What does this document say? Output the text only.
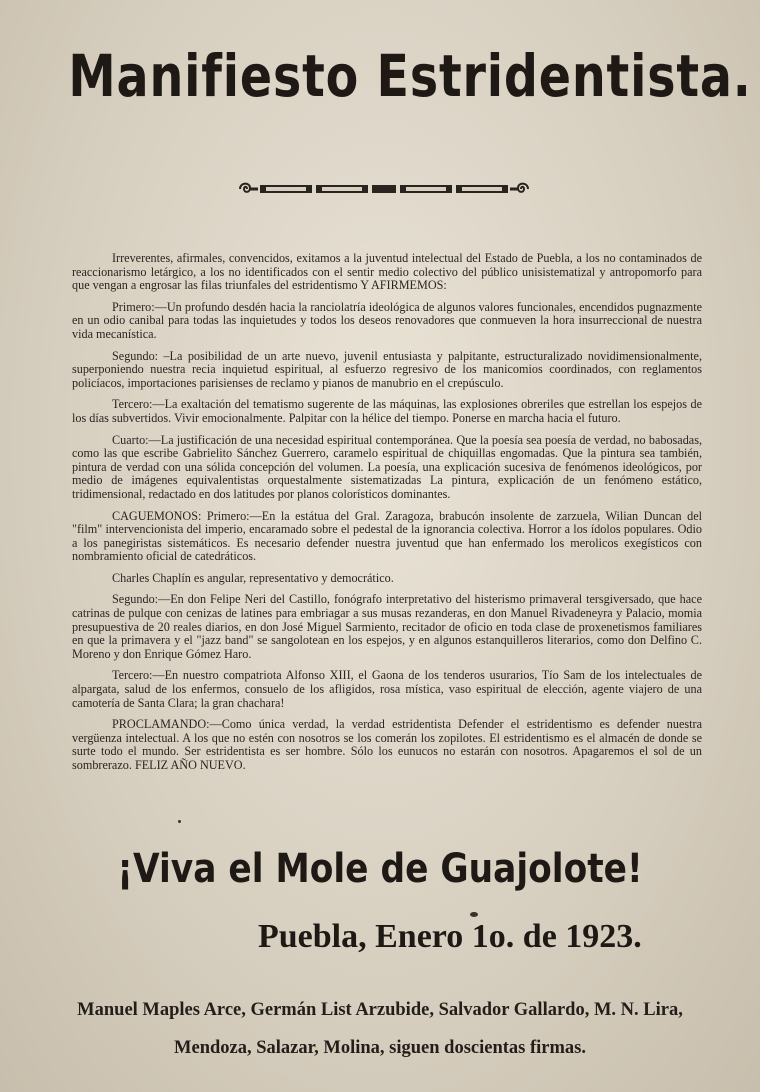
Manifiesto Estridentista.

Irreverentes, afirmales, convencidos, exitamos a la juventud intelectual del Estado de Puebla, a los no contaminados de reaccionarismo letárgico, a los no identificados con el sentir medio colectivo del público unisistematizal y antropomorfo para que vengan a engrosar las filas triunfales del estridentismo Y AFIRMEMOS:

Primero:—Un profundo desdén hacia la ranciolatría ideológica de algunos valores funcionales, encendidos pugnazmente en un odio canibal para todas las inquietudes y todos los deseos renovadores que conmueven la hora insurreccional de nuestra vida mecanística.

Segundo: –La posibilidad de un arte nuevo, juvenil entusiasta y palpitante, estructuralizado novidimensionalmente, superponiendo nuestra recia inquietud espiritual, al esfuerzo regresivo de los manicomios coordinados, con reglamentos policíacos, importaciones parisienses de reclamo y pianos de manubrio en el crepúsculo.

Tercero:—La exaltación del tematismo sugerente de las máquinas, las explosiones obreriles que estrellan los espejos de los días subvertidos. Vivir emocionalmente. Palpitar con la hélice del tiempo. Ponerse en marcha hacia el futuro.

Cuarto:—La justificación de una necesidad espiritual contemporánea. Que la poesía sea poesía de verdad, no babosadas, como las que escribe Gabrielito Sánchez Guerrero, caramelo espiritual de chiquillas engomadas. Que la pintura sea también, pintura de verdad con una sólida concepción del volumen. La poesía, una explicación sucesiva de fenómenos ideológicos, por medio de imágenes equivalentistas orquestalmente sistematizadas La pintura, explicación de un fenómeno estático, tridimensional, redactado en dos latitudes por planos colorísticos dominantes.

CAGUEMONOS: Primero:—En la estátua del Gral. Zaragoza, brabucón insolente de zarzuela, Wilian Duncan del "film" intervencionista del imperio, encaramado sobre el pedestal de la ignorancia colectiva. Horror a los ídolos populares. Odio a los panegiristas sistemáticos. Es necesario defender nuestra juventud que han enfermado los merolicos exegísticos con nombramiento oficial de catedráticos.

Charles Chaplín es angular, representativo y democrático.

Segundo:—En don Felipe Neri del Castillo, fonógrafo interpretativo del histerismo primaveral tersgiversado, que hace catrinas de pulque con cenizas de latines para embriagar a sus musas rezanderas, en don Manuel Rivadeneyra y Palacio, momia presupuestiva de 20 reales diarios, en don José Miguel Sarmiento, recitador de oficio en toda clase de proxenetismos familiares en que la primavera y el "jazz band" se sangolotean en los espejos, y en algunos estanquilleros literarios, como don Delfino C. Moreno y don Enrique Gómez Haro.

Tercero:—En nuestro compatriota Alfonso XIII, el Gaona de los tenderos usurarios, Tío Sam de los intelectuales de alpargata, salud de los enfermos, consuelo de los afligidos, rosa mística, vaso espiritual de elección, agente viajero de una camotería de Santa Clara; la gran chachara!

PROCLAMANDO:—Como única verdad, la verdad estridentista Defender el estridentismo es defender nuestra vergüenza intelectual. A los que no estén con nosotros se los comerán los zopilotes. El estridentismo es el almacén de donde se surte todo el mundo. Ser estridentista es ser hombre. Sólo los eunucos no estarán con nosotros. Apagaremos el sol de un sombrerazo. FELIZ AÑO NUEVO.

¡Viva el Mole de Guajolote!
Puebla, Enero 1o. de 1923.
Manuel Maples Arce, Germán List Arzubide, Salvador Gallardo, M. N. Lira,
Mendoza, Salazar, Molina, siguen doscientas firmas.
